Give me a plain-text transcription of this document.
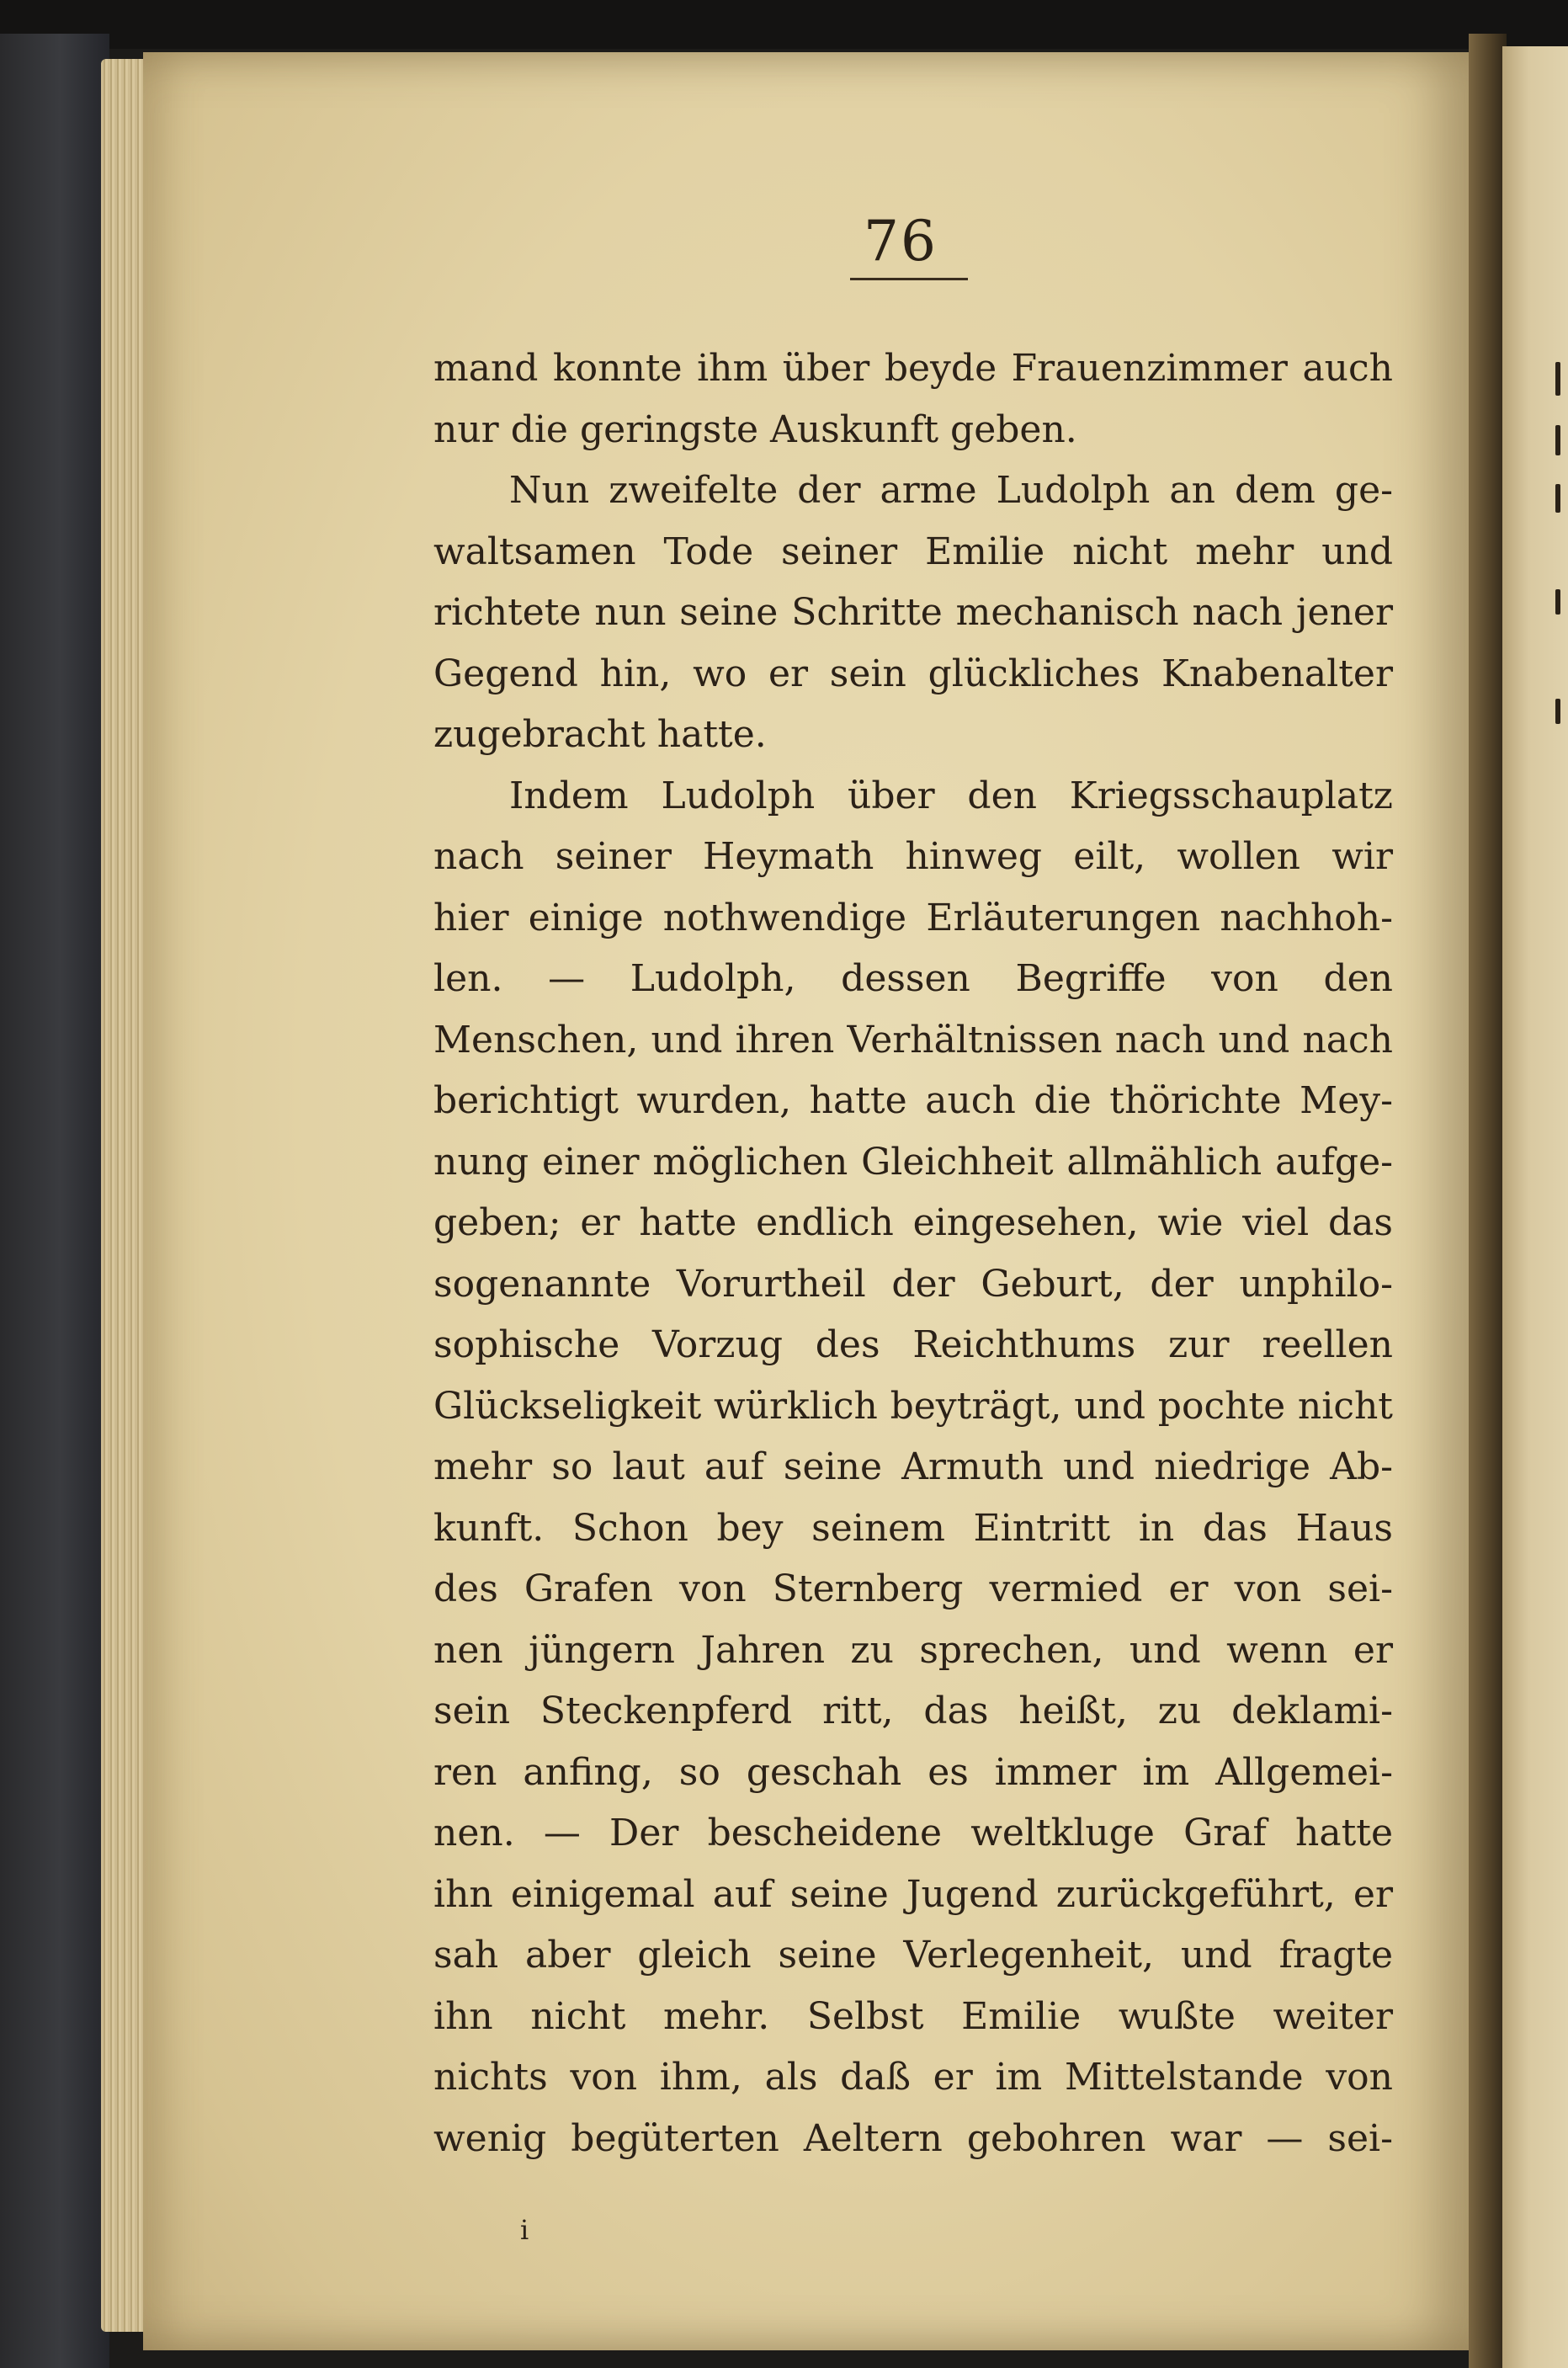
76
mand konnte ihm über beyde Frauenzimmer auch
nur die geringste Auskunft geben.
Nun zweifelte der arme Ludolph an dem ge-
waltsamen Tode seiner Emilie nicht mehr und
richtete nun seine Schritte mechanisch nach jener
Gegend hin, wo er sein glückliches Knabenalter
zugebracht hatte.
Indem Ludolph über den Kriegsschauplatz
nach seiner Heymath hinweg eilt, wollen wir
hier einige nothwendige Erläuterungen nachhoh-
len. — Ludolph, dessen Begriffe von den
Menschen, und ihren Verhältnissen nach und nach
berichtigt wurden, hatte auch die thörichte Mey-
nung einer möglichen Gleichheit allmählich aufge-
geben; er hatte endlich eingesehen, wie viel das
sogenannte Vorurtheil der Geburt, der unphilo-
sophische Vorzug des Reichthums zur reellen
Glückseligkeit würklich beyträgt, und pochte nicht
mehr so laut auf seine Armuth und niedrige Ab-
kunft. Schon bey seinem Eintritt in das Haus
des Grafen von Sternberg vermied er von sei-
nen jüngern Jahren zu sprechen, und wenn er
sein Steckenpferd ritt, das heißt, zu deklami-
ren anfing, so geschah es immer im Allgemei-
nen. — Der bescheidene weltkluge Graf hatte
ihn einigemal auf seine Jugend zurückgeführt, er
sah aber gleich seine Verlegenheit, und fragte
ihn nicht mehr. Selbst Emilie wußte weiter
nichts von ihm, als daß er im Mittelstande von
wenig begüterten Aeltern gebohren war — sei-
i
